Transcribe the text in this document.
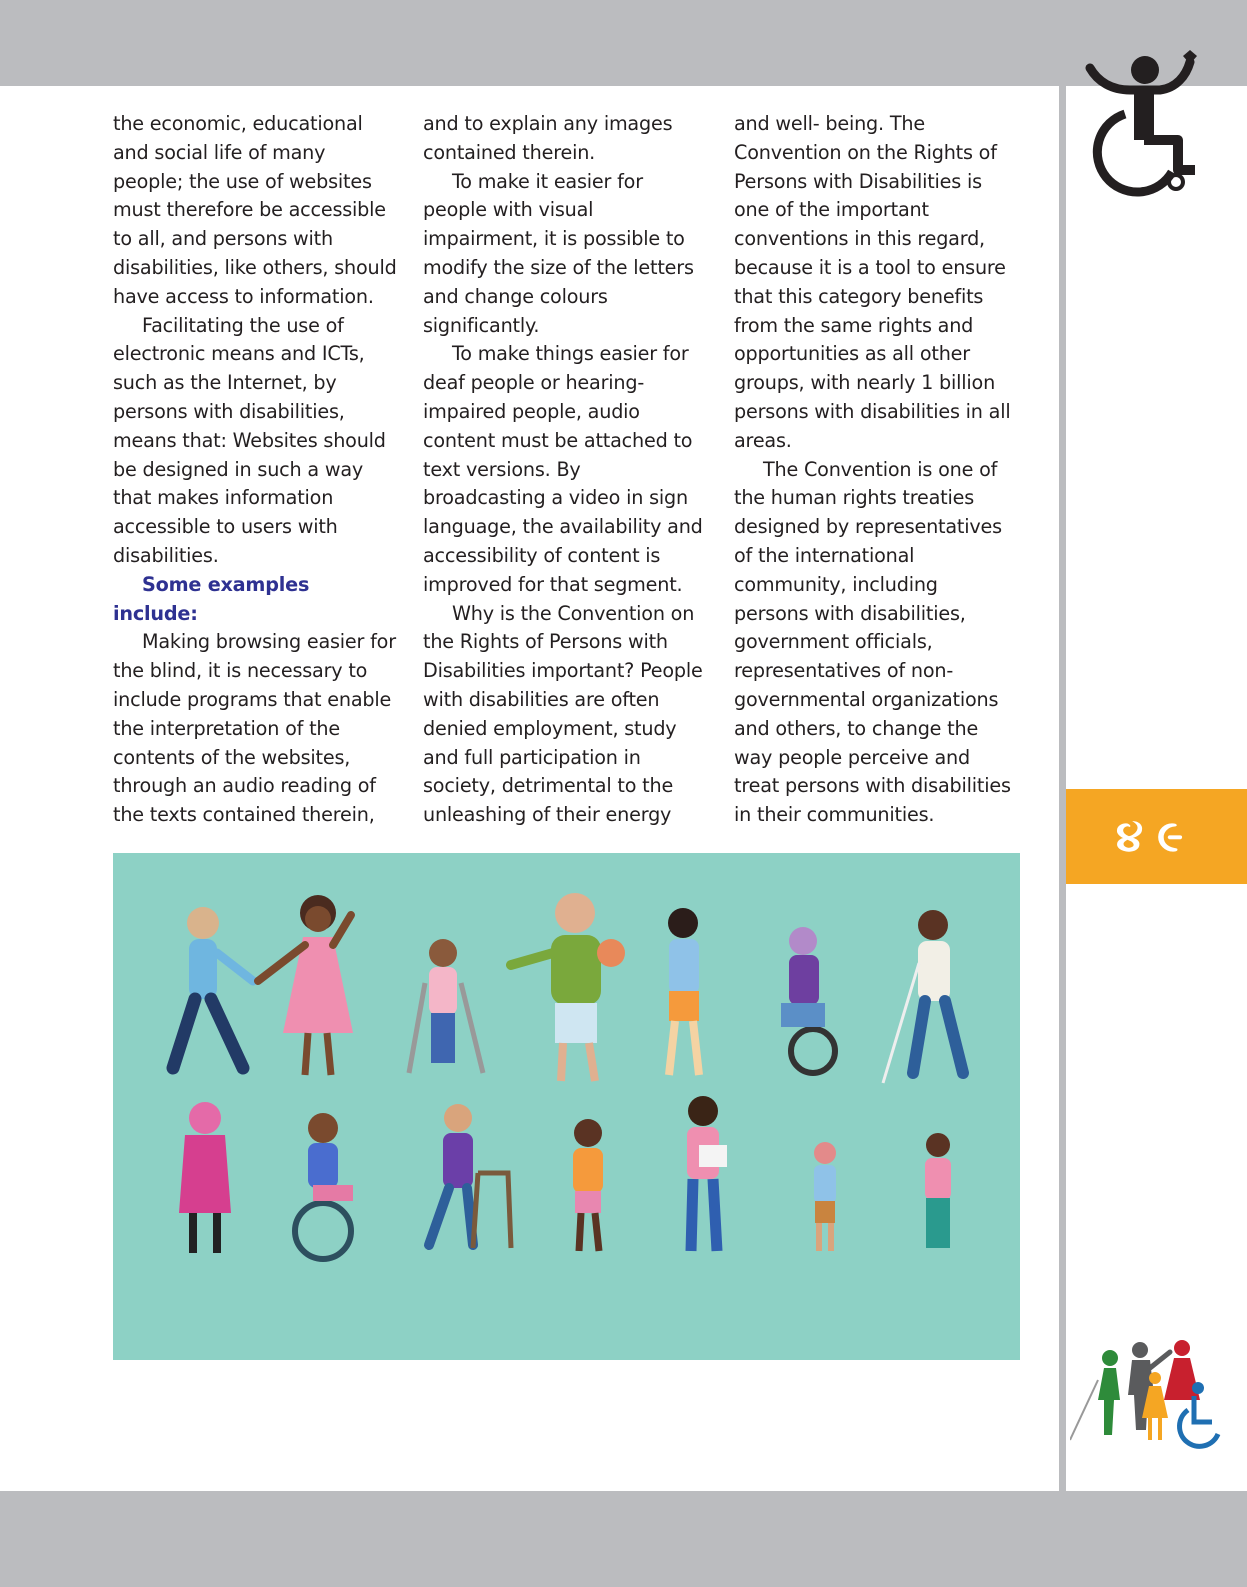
the economic, educational and social life of many people; the use of websites must therefore be accessible to all, and persons with disabilities, like others, should have access to information.

Facilitating the use of electronic means and ICTs, such as the Internet, by persons with disabilities, means that: Websites should be designed in such a way that makes information accessible to users with disabilities.

Some examples include:

Making browsing easier for the blind, it is necessary to include programs that enable the interpretation of the contents of the websites, through an audio reading of the texts contained therein,

and to explain any images contained therein.

To make it easier for people with visual impairment, it is possible to modify the size of the letters and change colours significantly.

To make things easier for deaf people or hearing-impaired people, audio content must be attached to text versions. By broadcasting a video in sign language, the availability and accessibility of content is improved for that segment.

Why is the Convention on the Rights of Persons with Disabilities important? People with disabilities are often denied employment, study and full participation in society, detrimental to the unleashing of their energy

and well- being. The Convention on the Rights of Persons with Disabilities is one of the important conventions in this regard, because it is a tool to ensure that this category benefits from the same rights and opportunities as all other groups, with nearly 1 billion persons with disabilities in all areas.

The Convention is one of the human rights treaties designed by representatives of the international community, including persons with disabilities, government officials, representatives of non-governmental organizations and others, to change the way people perceive and treat persons with disabilities in their communities.	૪૯
